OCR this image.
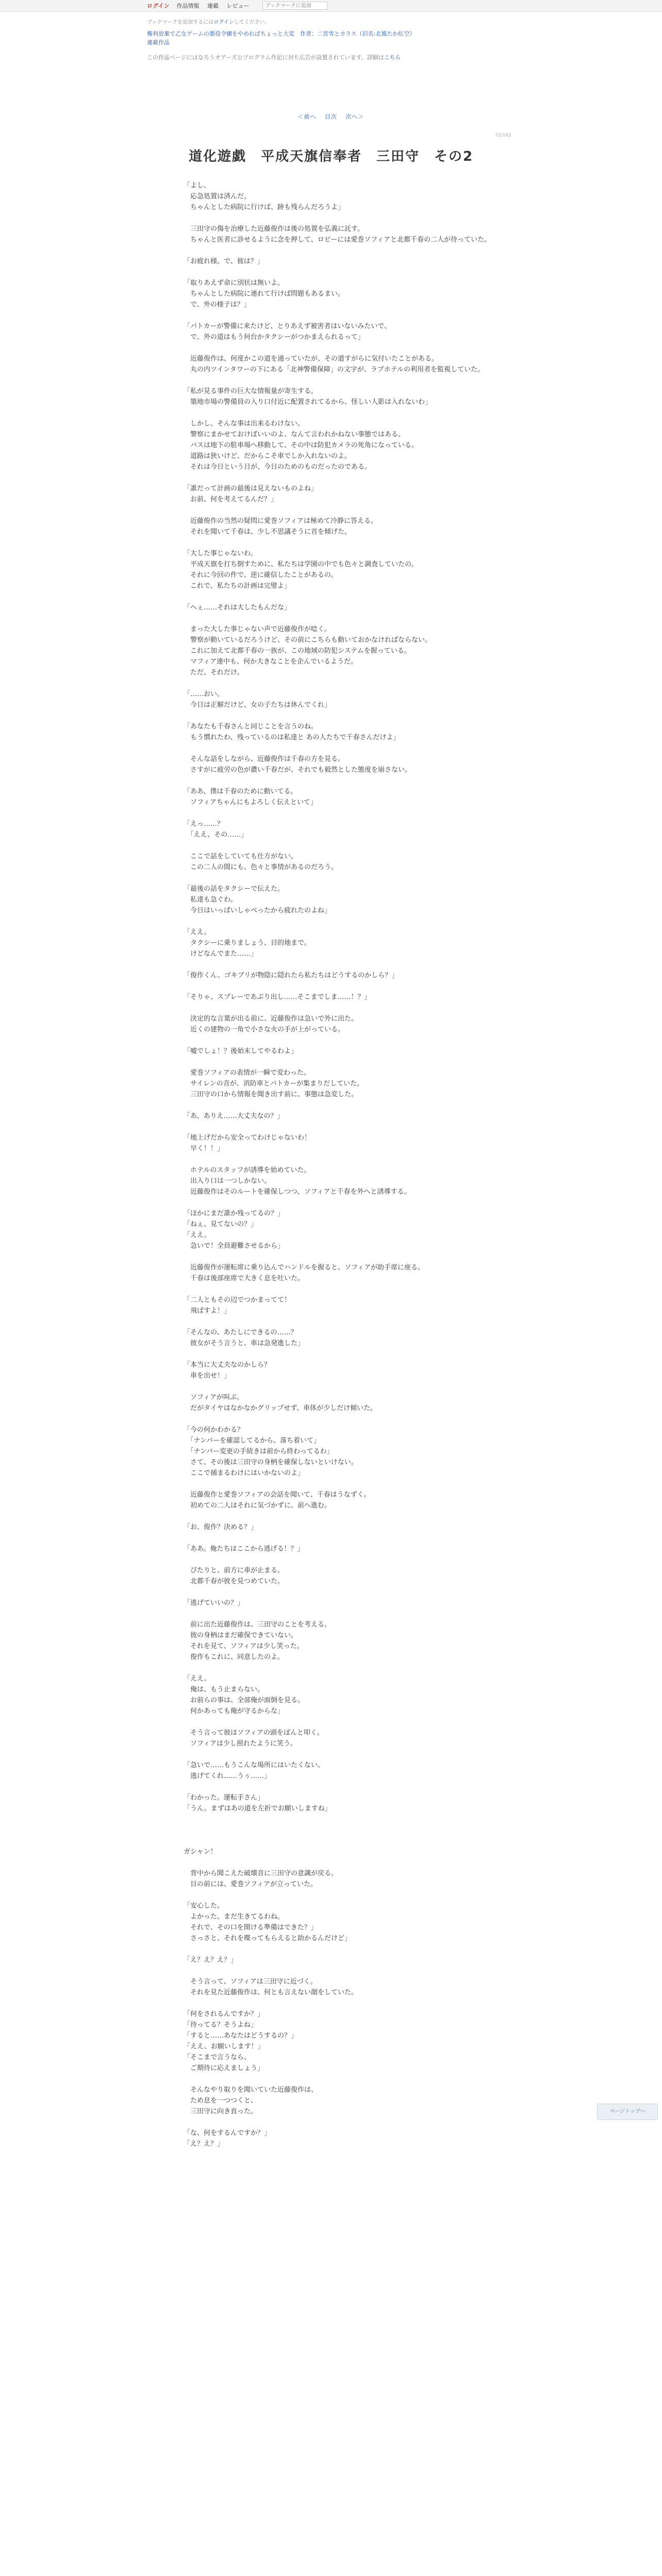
ログイン 作品情報 連載 レビュー
ブックマークに追加
ブックマークを追加するにはログインしてください。
権利放棄で乙女ゲームの悪役令嬢をやめればちょっと大変　作者：二宮雪とカラス（旧名:北風たか紅空）
連載作品
この作品ページにはなろうオアーズ公プログラム作記に対ち広告が設置されています。詳細はこちら
＜前へ 目次 次へ＞
72/162
道化遊戯　平成天旗信奉者　三田守　その2

「よし、

　応急処置は済んだ。

　ちゃんとした病院に行けば、跡も残らんだろうよ」

　三田守の傷を治療した近藤俊作は後の処置を弘義に託す。

　ちゃんと医者に診せるように念を押して、ロビーには愛巻ソフィアと北都千春の二人が待っていた。

「お疲れ様。で、彼は？」

「取りあえず命に別状は無いよ。

　ちゃんとした病院に連れて行けば問題もあるまい。

　で、外の様子は？」

「パトカーが警備に来たけど、とりあえず被害者はいないみたいで、

　で、外の道はもう何台かタクシーがつかまえられるって」

　近藤俊作は、何度かこの道を通っていたが、その道すがらに気付いたことがある。

　丸の内ツインタワーの下にある「北神警備保障」の文字が、ラブホテルの利用者を監視していた。

「私が見る事件の巨大な情報量が寄生する。

　築地市場の警備員の入り口付近に配置されてるから、怪しい人影は入れないわ」

　しかし、そんな事は出来るわけない。

　警察にまかせておけばいいのよ、なんて言われかねない事態ではある。

　バスは地下の駐車場へ移動して、その中は防犯カメラの死角になっている。

　道路は狭いけど、だからこそ車でしか入れないのよ。

　それは今日という日が、今日のためのものだったのである。

「誰だって計画の最後は見えないものよね」

　お前、何を考えてるんだ？」

　近藤俊作の当然の疑問に愛巻ソフィアは極めて冷静に答える。

　それを聞いて千春は、少し不思議そうに首を傾げた。

「大した事じゃないわ。

　平成天旗を打ち倒すために、私たちは学園の中でも色々と調査していたの。

　それに今回の件で、逆に確信したことがあるの。

　これで、私たちの計画は完璧よ」

「へぇ……それは大したもんだな」

　まった大した事じゃない声で近藤俊作が唸く。

　警察が動いているだろうけど、その前にこちらも動いておかなければならない。

　これに加えて北都千春の一族が、この地域の防犯システムを握っている。

　マフィア連中も、何か大きなことを企んでいるようだ。

　ただ、それだけ。

「……おい。

　今日は正解だけど、女の子たちは休んでくれ」

「あなたも千春さんと同じことを言うのね。

　もう慣れたわ、残っているのは私達と あの人たちで千春さんだけよ」

　そんな話をしながら、近藤俊作は千春の方を見る。

　さすがに疲労の色が濃い千春だが、それでも毅然とした態度を崩さない。

「ああ、僕は千春のために動いてる。

　ソフィアちゃんにもよろしく伝えといて」

「えっ……？

　「ええ、その……」

　ここで話をしていても仕方がない。

　この二人の間にも、色々と事情があるのだろう。

「最後の話をタクシーで伝えた。

　私達も急ぐわ。

　今日はいっぱいしゃべったから疲れたのよね」

「ええ。

　タクシーに乗りましょう、目的地まで。

　けどなんでまた……」

「俊作くん、ゴキブリが物陰に隠れたら私たちはどうするのかしら？」

「そりゃ、スプレーであぶり出し……そこまでしま……！？」

　決定的な言葉が出る前に、近藤俊作は急いで外に出た。

　近くの建物の一角で小さな火の手が上がっている。

「嘘でしょ！？後始末してやるわよ」

　愛巻ソフィアの表情が一瞬で変わった。

　サイレンの音が、消防車とパトカーが集まりだしていた。

　三田守の口から情報を聞き出す前に、事態は急変した。

「あ、ありえ……大丈夫なの？」

「地上げだから安全ってわけじゃないわ！

　早く！！」

　ホテルのスタッフが誘導を始めていた。

　出入り口は一つしかない。

　近藤俊作はそのルートを確保しつつ、ソフィアと千春を外へと誘導する。

「ほかにまだ誰か残ってるの？」

「ねぇ、見てないの？」

「ええ。

　急いで！全員避難させるから」

　近藤俊作が運転席に乗り込んでハンドルを握ると、ソフィアが助手席に座る。

　千春は後部座席で大きく息を吐いた。

「二人ともその辺でつかまってて！

　飛ばすよ！」

「そんなの、あたしにできるの……？

　彼女がそう言うと、車は急発進した」

「本当に大丈夫なのかしら？

　車を出せ！」

　ソフィアが叫ぶ。

　だがタイヤはなかなかグリップせず、車体が少しだけ傾いた。

「今の何かわかる？

　「ナンバーを確認してるから、落ち着いて」

　「ナンバー変更の手続きは前から終わってるわ」

　さて、その後は三田守の身柄を確保しないといけない。

　ここで捕まるわけにはいかないのよ」

　近藤俊作と愛巻ソフィアの会話を聞いて、千春はうなずく。

　初めての二人はそれに気づかずに、前へ進む。

「お、俊作？決める？」

「ああ。俺たちはここから逃げる！？」

　ぴたりと、前方に車が止まる。

　北都千春が彼を見つめていた。

「逃げていいの？」

　前に出た近藤俊作は、三田守のことを考える。

　彼の身柄はまだ確保できていない。

　それを見て、ソフィアは少し笑った。

　俊作もこれに、同意したのよ。

「ええ。

　俺は、もう止まらない。

　お前らの事は、全部俺が面倒を見る。

　何かあっても俺が守るからな」

　そう言って彼はソフィアの頭をぽんと叩く。

　ソフィアは少し照れたように笑う。

「急いで……もうこんな場所にはいたくない。

　逃げてくれ……うぅ……」

「わかった。運転手さん」

「うん。まずはあの道を左折でお願いしますね」

ガシャン！

　背中から聞こえた破壊音に三田守の意識が戻る。

　目の前には、愛巻ソフィアが立っていた。

「安心した。

　よかった、まだ生きてるわね。

　それで、その口を開ける準備はできた？」

　さっさと、それを喋ってもらえると助かるんだけど」

「え？え？え？」

　そう言って、ソフィアは三田守に近づく。

　それを見た近藤俊作は、何とも言えない顔をしていた。

「何をされるんですか？」

「待ってる？そうよね」

「すると……あなたはどうするの？」

「ええ、お願いします！」

「そこまで言うなら、

　ご期待に応えましょう」

　そんなやり取りを聞いていた近藤俊作は、

　ため息を一つつくと、

　三田守に向き直った。

「な、何をするんですか？」

「え？え？」

ページトップへ
